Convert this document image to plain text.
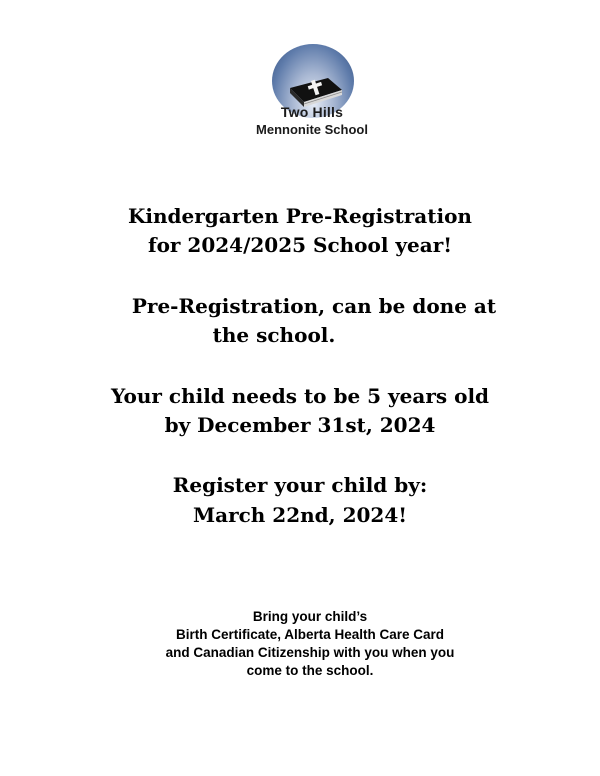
Two Hills
Mennonite School
Kindergarten Pre-Registration
for 2024/2025 School year!
Pre-Registration, can be done at
the school.
Your child needs to be 5 years old
by December 31st, 2024
Register your child by:
March 22nd, 2024!
Bring your child’s
Birth Certificate, Alberta Health Care Card
and Canadian Citizenship with you when you
come to the school.
